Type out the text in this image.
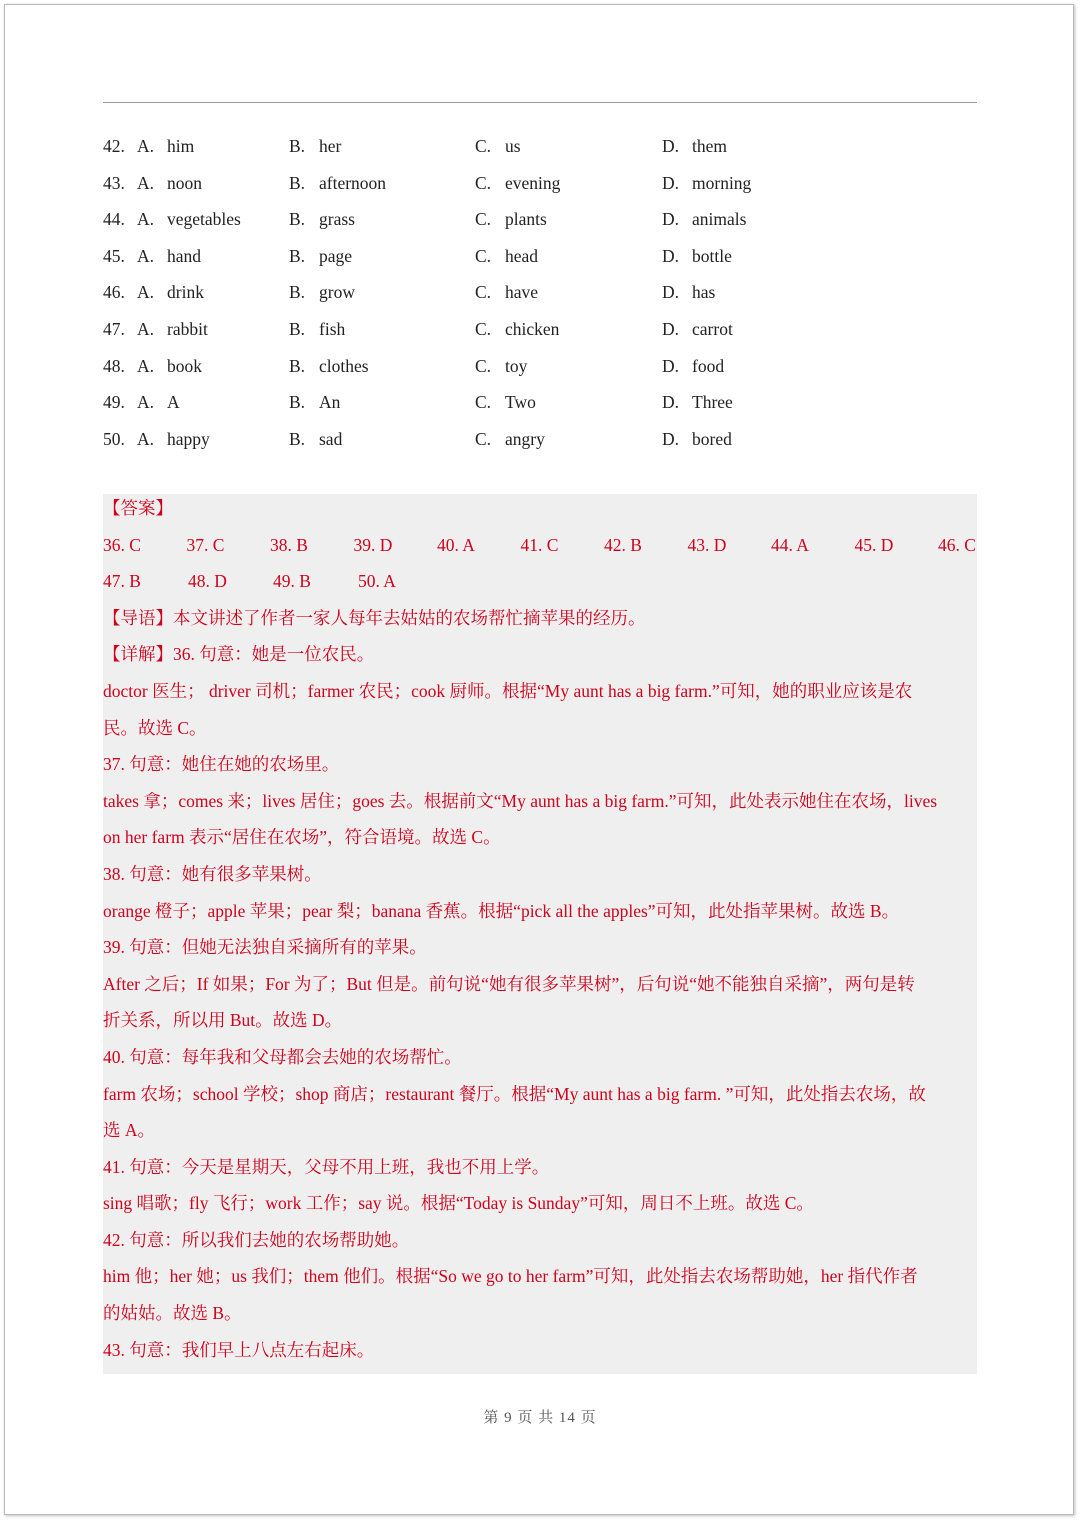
42. A. him	B. her	C. us	D. them
43. A. noon	B. afternoon	C. evening	D. morning
44. A. vegetables	B. grass	C. plants	D. animals
45. A. hand	B. page	C. head	D. bottle
46. A. drink	B. grow	C. have	D. has
47. A. rabbit	B. fish	C. chicken	D. carrot
48. A. book	B. clothes	C. toy	D. food
49. A. A	B. An	C. Two	D. Three
50. A. happy	B. sad	C. angry	D. bored
【答案】
36. C	37. C	38. B	39. D	40. A	41. C	42. B	43. D	44. A	45. D	46. C
47. B	48. D	49. B	50. A
【导语】本文讲述了作者一家人每年去姑姑的农场帮忙摘苹果的经历。
【详解】36. 句意：她是一位农民。
doctor 医生； driver 司机；farmer 农民；cook 厨师。根据“My aunt has a big farm.”可知，她的职业应该是农
民。故选 C。
37. 句意：她住在她的农场里。
takes 拿；comes 来；lives 居住；goes 去。根据前文“My aunt has a big farm.”可知，此处表示她住在农场，lives
on her farm 表示“居住在农场”，符合语境。故选 C。
38. 句意：她有很多苹果树。
orange 橙子；apple 苹果；pear 梨；banana 香蕉。根据“pick all the apples”可知，此处指苹果树。故选 B。
39. 句意：但她无法独自采摘所有的苹果。
After 之后；If 如果；For 为了；But 但是。前句说“她有很多苹果树”，后句说“她不能独自采摘”，两句是转
折关系，所以用 But。故选 D。
40. 句意：每年我和父母都会去她的农场帮忙。
farm 农场；school 学校；shop 商店；restaurant 餐厅。根据“My aunt has a big farm. ”可知，此处指去农场，故
选 A。
41. 句意：今天是星期天，父母不用上班，我也不用上学。
sing 唱歌；fly 飞行；work 工作；say 说。根据“Today is Sunday”可知，周日不上班。故选 C。
42. 句意：所以我们去她的农场帮助她。
him 他；her 她；us 我们；them 他们。根据“So we go to her farm”可知，此处指去农场帮助她，her 指代作者
的姑姑。故选 B。
43. 句意：我们早上八点左右起床。
第 9 页 共 14 页
